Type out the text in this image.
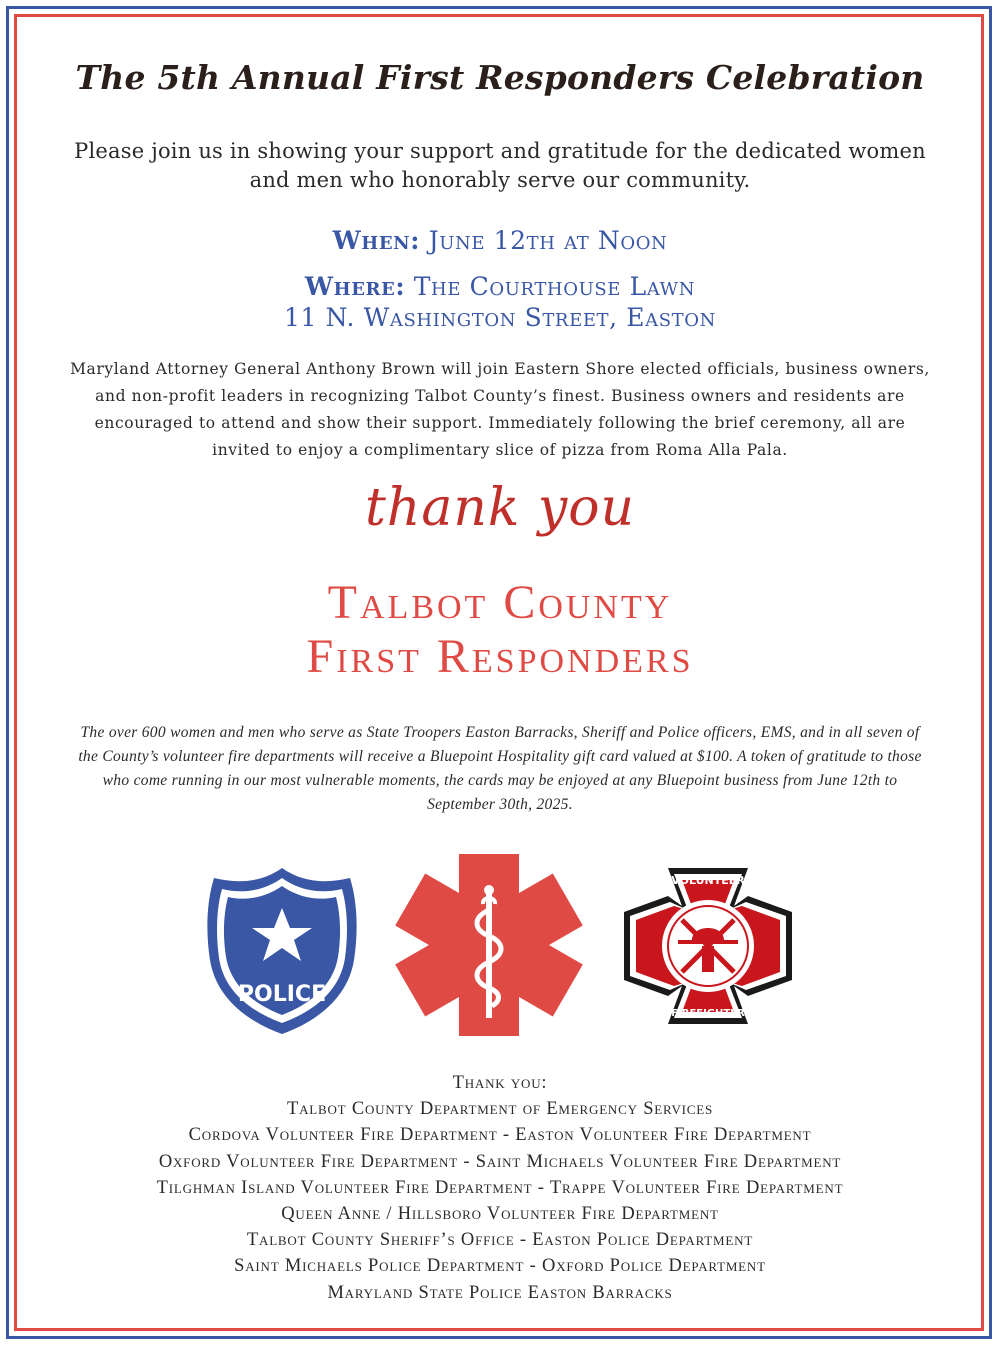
The 5th Annual First Responders Celebration
Please join us in showing your support and gratitude for the dedicated women and men who honorably serve our community.
When: June 12th at Noon
Where: The Courthouse Lawn
11 N. Washington Street, Easton
Maryland Attorney General Anthony Brown will join Eastern Shore elected officials, business owners, and non-profit leaders in recognizing Talbot County’s finest. Business owners and residents are encouraged to attend and show their support. Immediately following the brief ceremony, all are invited to enjoy a complimentary slice of pizza from Roma Alla Pala.
thank you
Talbot County
First Responders
The over 600 women and men who serve as State Troopers Easton Barracks, Sheriff and Police officers, EMS, and in all seven of the County’s volunteer fire departments will receive a Bluepoint Hospitality gift card valued at $100. A token of gratitude to those who come running in our most vulnerable moments, the cards may be enjoyed at any Bluepoint business from June 12th to September 30th, 2025.
POLICE
VOLUNTEER
FIREFIGHTER
Thank you:
Talbot County Department of Emergency Services
Cordova Volunteer Fire Department - Easton Volunteer Fire Department
Oxford Volunteer Fire Department - Saint Michaels Volunteer Fire Department
Tilghman Island Volunteer Fire Department - Trappe Volunteer Fire Department
Queen Anne / Hillsboro Volunteer Fire Department
Talbot County Sheriff’s Office - Easton Police Department
Saint Michaels Police Department - Oxford Police Department
Maryland State Police Easton Barracks
